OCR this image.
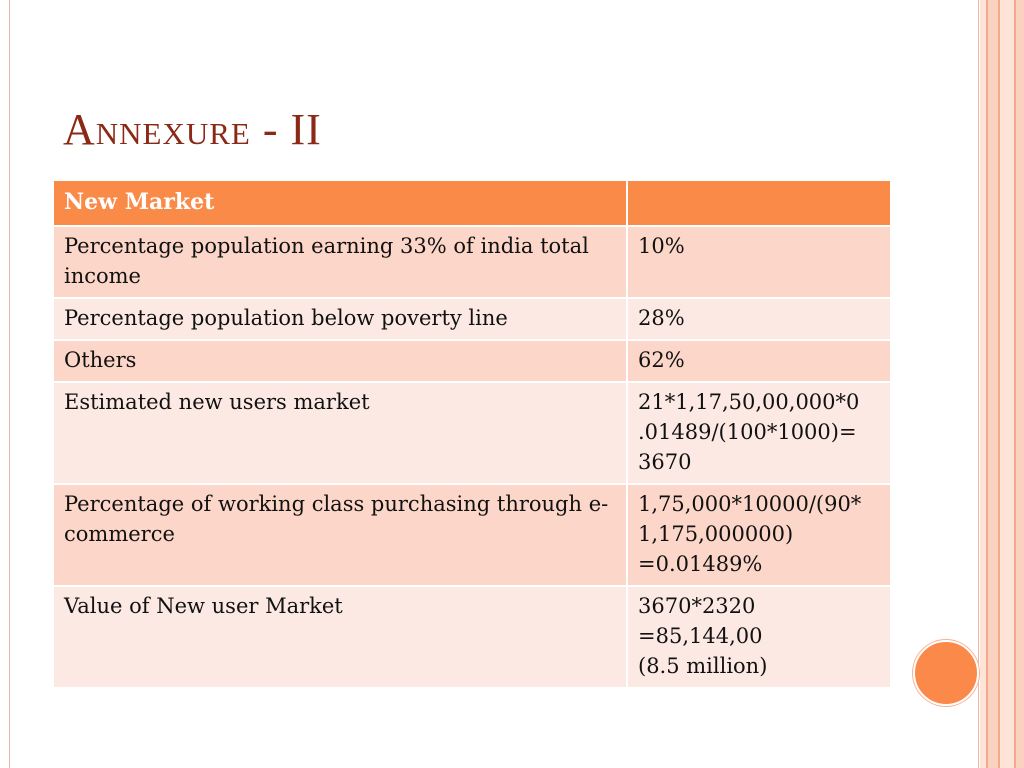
Annexure - II
New Market	
Percentage population earning 33% of india total income	10%

Percentage population below poverty line	28%

Others	62%

Estimated new users market	21*1,17,50,00,000*0
.01489/(100*1000)=
3670

Percentage of working class purchasing through e-commerce	1,75,000*10000/(90*
1,175,000000)
=0.01489%

Value of New user Market	3670*2320
=85,144,00
(8.5 million)
